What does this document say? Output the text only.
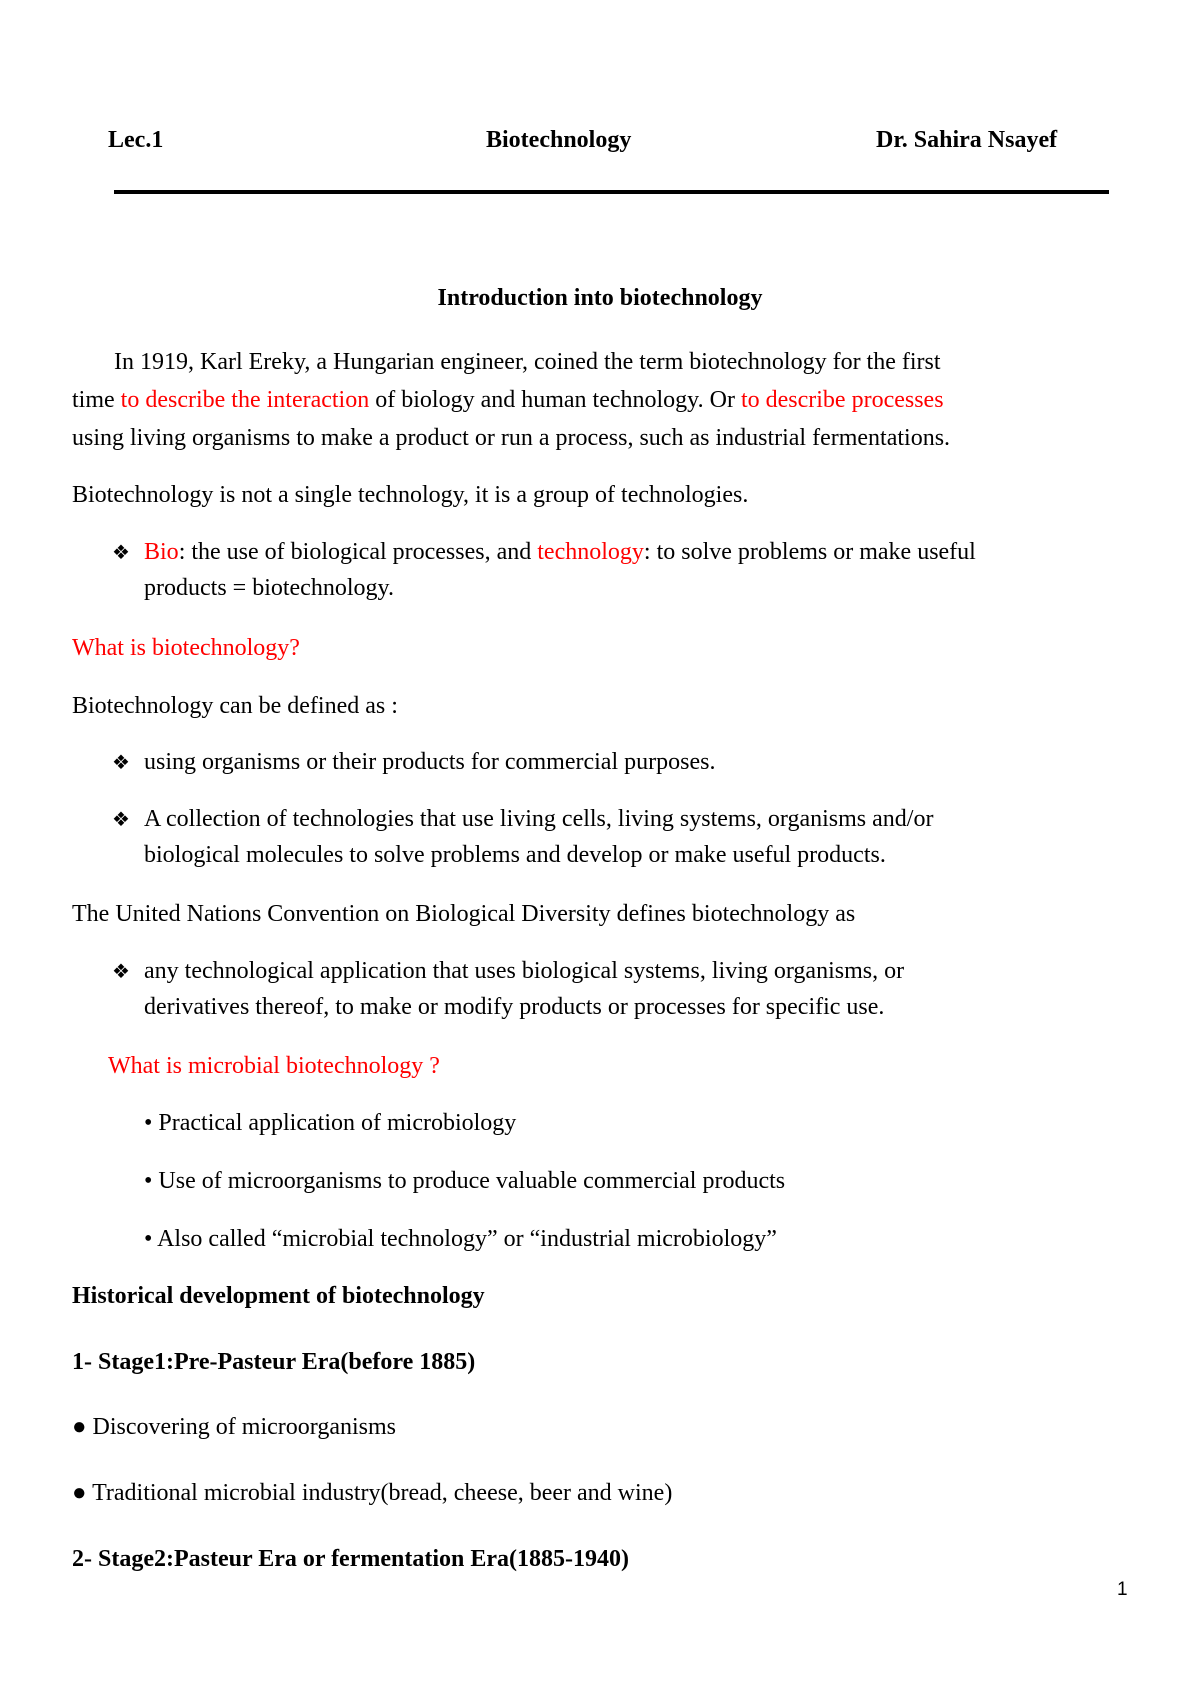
Lec.1	Biotechnology	Dr. Sahira Nsayef
Introduction into biotechnology
In 1919, Karl Ereky, a Hungarian engineer, coined the term biotechnology for the first
time to describe the interaction of biology and human technology. Or to describe processes
using living organisms to make a product or run a process, such as industrial fermentations.
Biotechnology is not a single technology, it is a group of technologies.
❖ Bio: the use of biological processes, and technology: to solve problems or make useful
products = biotechnology.
What is biotechnology?
Biotechnology can be defined as :
❖ using organisms or their products for commercial purposes.
❖ A collection of technologies that use living cells, living systems, organisms and/or
biological molecules to solve problems and develop or make useful products.
The United Nations Convention on Biological Diversity defines biotechnology as
❖ any technological application that uses biological systems, living organisms, or
derivatives thereof, to make or modify products or processes for specific use.
What is microbial biotechnology ?
• Practical application of microbiology
• Use of microorganisms to produce valuable commercial products
• Also called “microbial technology” or “industrial microbiology”
Historical development of biotechnology
1- Stage1:Pre-Pasteur Era(before 1885)
● Discovering of microorganisms
● Traditional microbial industry(bread, cheese, beer and wine)
2- Stage2:Pasteur Era or fermentation Era(1885-1940)
1
